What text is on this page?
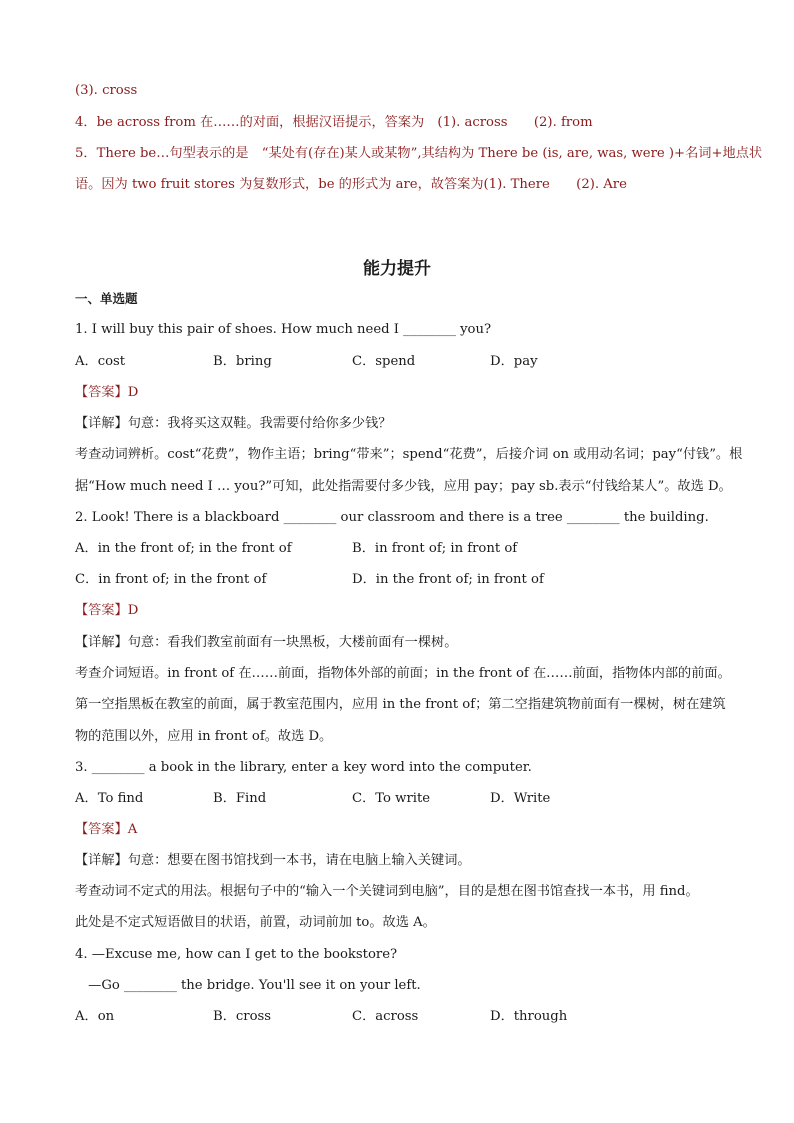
(3). cross
4．be across from 在……的对面，根据汉语提示，答案为　(1). across　　(2). from
5．There be…句型表示的是　“某处有(存在)某人或某物”,其结构为 There be (is, are, was, were )+名词+地点状
语。因为 two fruit stores 为复数形式，be 的形式为 are，故答案为(1). There　　(2). Are
能力提升
一、单选题
1. I will buy this pair of shoes. How much need I ________ you?
A．cost	B．bring	C．spend	D．pay
【答案】D
【详解】句意：我将买这双鞋。我需要付给你多少钱？
考查动词辨析。cost“花费”，物作主语；bring“带来”；spend“花费”，后接介词 on 或用动名词；pay“付钱”。根
据“How much need I … you?”可知，此处指需要付多少钱，应用 pay；pay sb.表示“付钱给某人”。故选 D。
2. Look! There is a blackboard ________ our classroom and there is a tree ________ the building.
A．in the front of; in the front of	B．in front of; in front of
C．in front of; in the front of	D．in the front of; in front of
【答案】D
【详解】句意：看我们教室前面有一块黑板，大楼前面有一棵树。
考查介词短语。in front of 在……前面，指物体外部的前面；in the front of 在……前面，指物体内部的前面。
第一空指黑板在教室的前面，属于教室范围内，应用 in the front of；第二空指建筑物前面有一棵树，树在建筑
物的范围以外，应用 in front of。故选 D。
3. ________ a book in the library, enter a key word into the computer.
A．To find	B．Find	C．To write	D．Write
【答案】A
【详解】句意：想要在图书馆找到一本书，请在电脑上输入关键词。
考查动词不定式的用法。根据句子中的“输入一个关键词到电脑”，目的是想在图书馆查找一本书，用 find。
此处是不定式短语做目的状语，前置，动词前加 to。故选 A。
4. —Excuse me, how can I get to the bookstore?
　—Go ________ the bridge. You'll see it on your left.
A．on	B．cross	C．across	D．through
